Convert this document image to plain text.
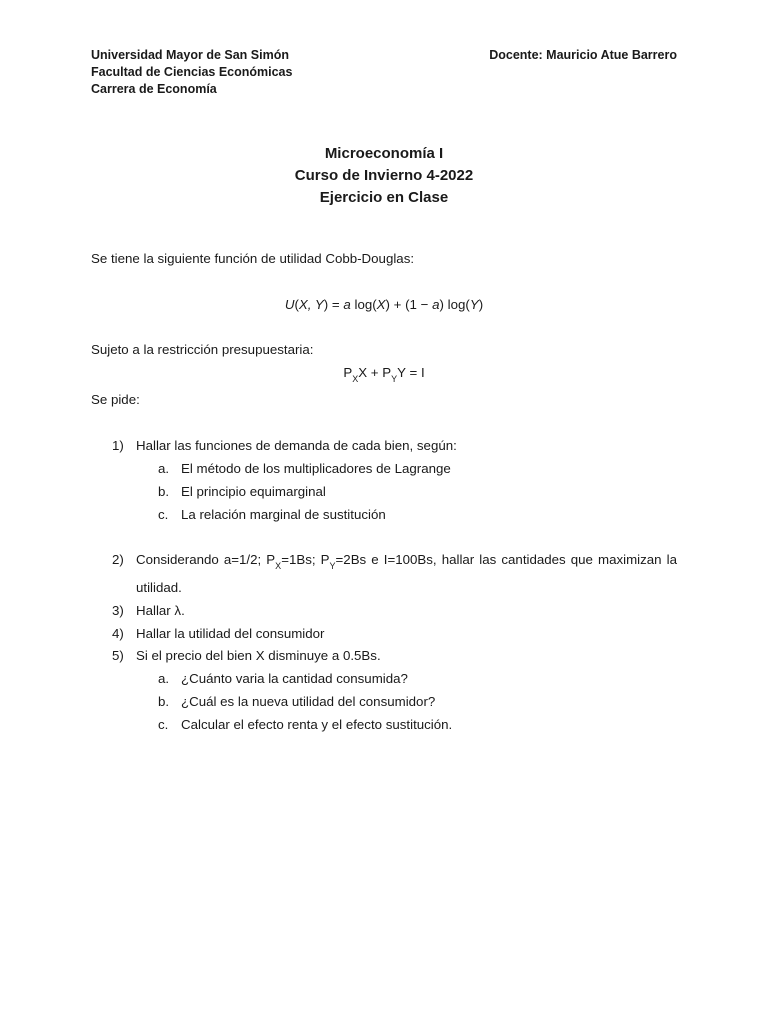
Universidad Mayor de San Simón
Facultad de Ciencias Económicas
Carrera de Economía
Docente: Mauricio Atue Barrero
Microeconomía I
Curso de Invierno 4-2022
Ejercicio en Clase
Se tiene la siguiente función de utilidad Cobb-Douglas:
U(X, Y) = a log(X) + (1 − a) log(Y)
Sujeto a la restricción presupuestaria:
$P_XX + P_YY = I$
Se pide:
1) Hallar las funciones de demanda de cada bien, según:
a. El método de los multiplicadores de Lagrange
b. El principio equimarginal
c. La relación marginal de sustitución
2) Considerando a=1/2; $P_X=1Bs$; $P_Y=2Bs$ e I=100Bs, hallar las cantidades que maximizan la
utilidad.
3) Hallar λ.
4) Hallar la utilidad del consumidor
5) Si el precio del bien X disminuye a 0.5Bs.
a. ¿Cuánto varia la cantidad consumida?
b. ¿Cuál es la nueva utilidad del consumidor?
c. Calcular el efecto renta y el efecto sustitución.
